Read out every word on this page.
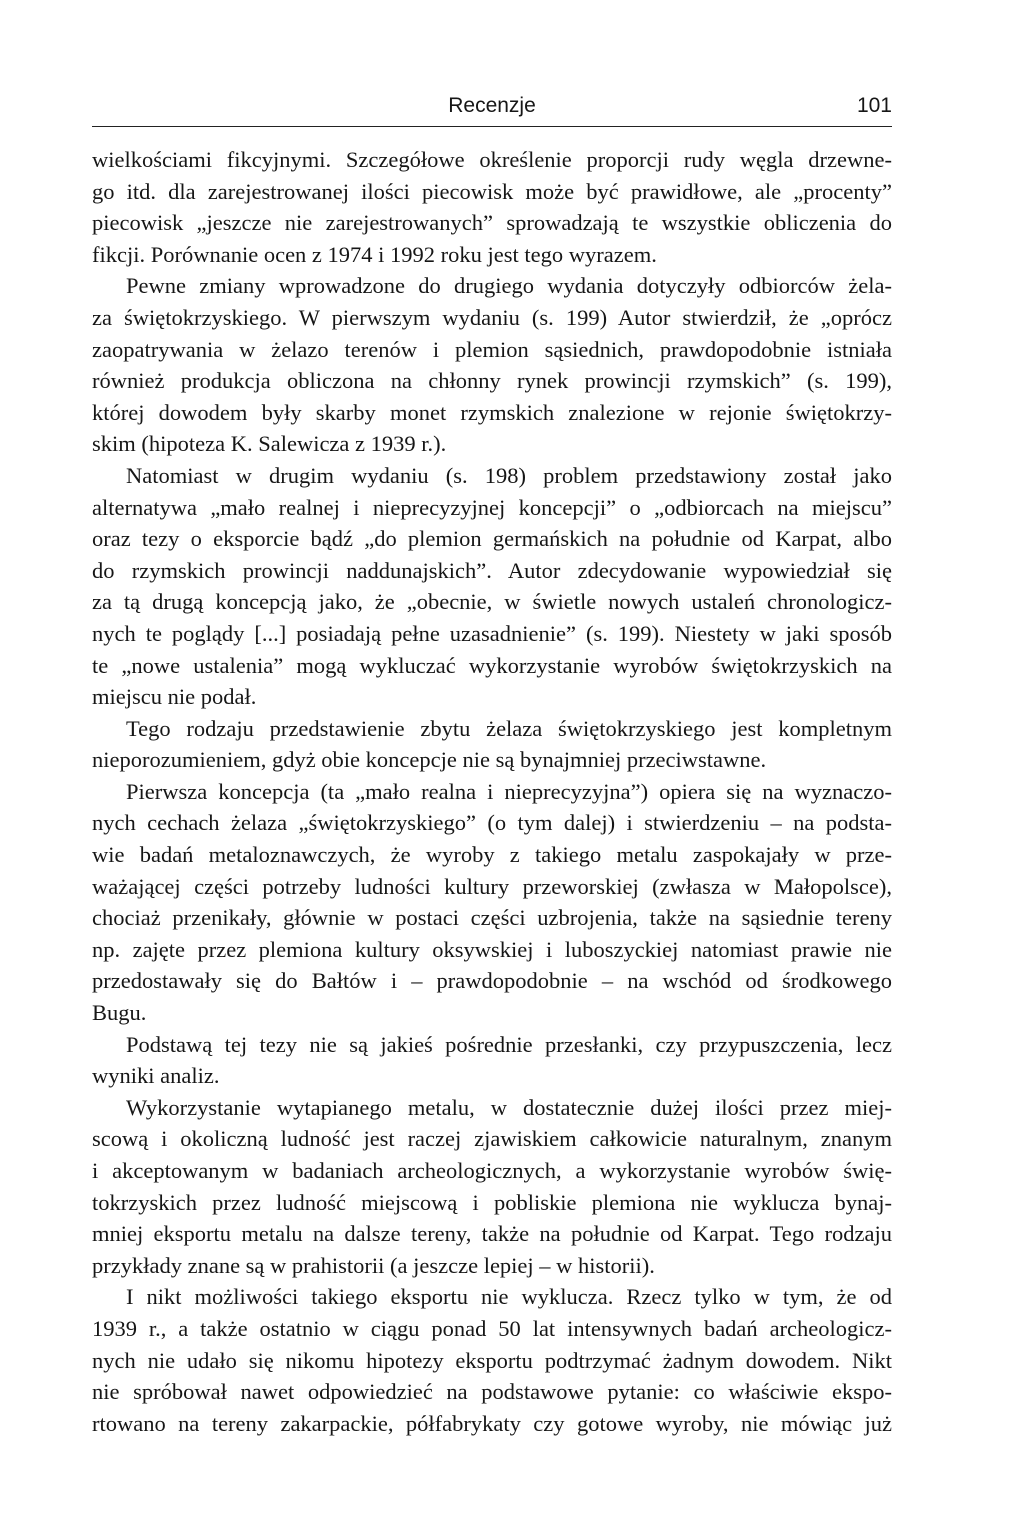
Recenzje	101
wielkościami fikcyjnymi. Szczegółowe określenie proporcji rudy węgla drzewne-
go itd. dla zarejestrowanej ilości piecowisk może być prawidłowe, ale „procenty”
piecowisk „jeszcze nie zarejestrowanych” sprowadzają te wszystkie obliczenia do
fikcji. Porównanie ocen z 1974 i 1992 roku jest tego wyrazem.
Pewne zmiany wprowadzone do drugiego wydania dotyczyły odbiorców żela-
za świętokrzyskiego. W pierwszym wydaniu (s. 199) Autor stwierdził, że „oprócz
zaopatrywania w żelazo terenów i plemion sąsiednich, prawdopodobnie istniała
również produkcja obliczona na chłonny rynek prowincji rzymskich” (s. 199),
której dowodem były skarby monet rzymskich znalezione w rejonie świętokrzy-
skim (hipoteza K. Salewicza z 1939 r.).
Natomiast w drugim wydaniu (s. 198) problem przedstawiony został jako
alternatywa „mało realnej i nieprecyzyjnej koncepcji” o „odbiorcach na miejscu”
oraz tezy o eksporcie bądź „do plemion germańskich na południe od Karpat, albo
do rzymskich prowincji naddunajskich”. Autor zdecydowanie wypowiedział się
za tą drugą koncepcją jako, że „obecnie, w świetle nowych ustaleń chronologicz-
nych te poglądy [...] posiadają pełne uzasadnienie” (s. 199). Niestety w jaki sposób
te „nowe ustalenia” mogą wykluczać wykorzystanie wyrobów świętokrzyskich na
miejscu nie podał.
Tego rodzaju przedstawienie zbytu żelaza świętokrzyskiego jest kompletnym
nieporozumieniem, gdyż obie koncepcje nie są bynajmniej przeciwstawne.
Pierwsza koncepcja (ta „mało realna i nieprecyzyjna”) opiera się na wyznaczo-
nych cechach żelaza „świętokrzyskiego” (o tym dalej) i stwierdzeniu – na podsta-
wie badań metaloznawczych, że wyroby z takiego metalu zaspokajały w prze-
ważającej części potrzeby ludności kultury przeworskiej (zwłasza w Małopolsce),
chociaż przenikały, głównie w postaci części uzbrojenia, także na sąsiednie tereny
np. zajęte przez plemiona kultury oksywskiej i luboszyckiej natomiast prawie nie
przedostawały się do Bałtów i – prawdopodobnie – na wschód od środkowego
Bugu.
Podstawą tej tezy nie są jakieś pośrednie przesłanki, czy przypuszczenia, lecz
wyniki analiz.
Wykorzystanie wytapianego metalu, w dostatecznie dużej ilości przez miej-
scową i okoliczną ludność jest raczej zjawiskiem całkowicie naturalnym, znanym
i akceptowanym w badaniach archeologicznych, a wykorzystanie wyrobów świę-
tokrzyskich przez ludność miejscową i pobliskie plemiona nie wyklucza bynaj-
mniej eksportu metalu na dalsze tereny, także na południe od Karpat. Tego rodzaju
przykłady znane są w prahistorii (a jeszcze lepiej – w historii).
I nikt możliwości takiego eksportu nie wyklucza. Rzecz tylko w tym, że od
1939 r., a także ostatnio w ciągu ponad 50 lat intensywnych badań archeologicz-
nych nie udało się nikomu hipotezy eksportu podtrzymać żadnym dowodem. Nikt
nie spróbował nawet odpowiedzieć na podstawowe pytanie: co właściwie ekspo-
rtowano na tereny zakarpackie, półfabrykaty czy gotowe wyroby, nie mówiąc już
